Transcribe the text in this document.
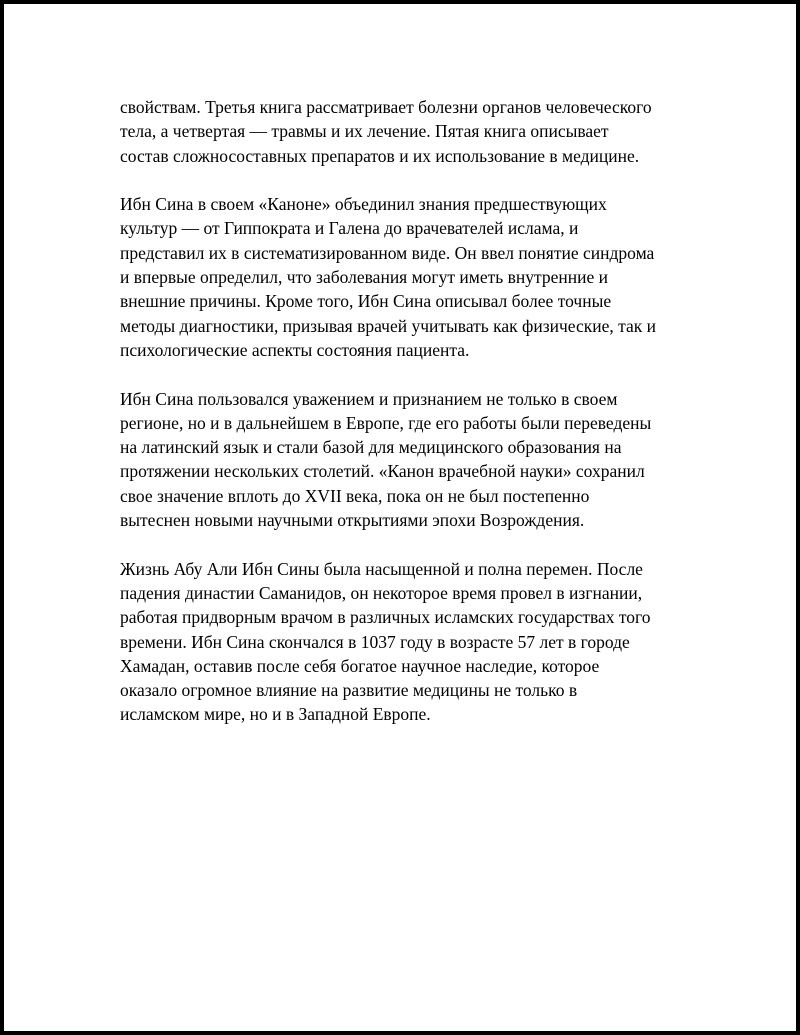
свойствам. Третья книга рассматривает болезни органов человеческого
тела, а четвертая — травмы и их лечение. Пятая книга описывает
состав сложносоставных препаратов и их использование в медицине.

Ибн Сина в своем «Каноне» объединил знания предшествующих
культур — от Гиппократа и Галена до врачевателей ислама, и
представил их в систематизированном виде. Он ввел понятие синдрома
и впервые определил, что заболевания могут иметь внутренние и
внешние причины. Кроме того, Ибн Сина описывал более точные
методы диагностики, призывая врачей учитывать как физические, так и
психологические аспекты состояния пациента.

Ибн Сина пользовался уважением и признанием не только в своем
регионе, но и в дальнейшем в Европе, где его работы были переведены
на латинский язык и стали базой для медицинского образования на
протяжении нескольких столетий. «Канон врачебной науки» сохранил
свое значение вплоть до XVII века, пока он не был постепенно
вытеснен новыми научными открытиями эпохи Возрождения.

Жизнь Абу Али Ибн Сины была насыщенной и полна перемен. После
падения династии Саманидов, он некоторое время провел в изгнании,
работая придворным врачом в различных исламских государствах того
времени. Ибн Сина скончался в 1037 году в возрасте 57 лет в городе
Хамадан, оставив после себя богатое научное наследие, которое
оказало огромное влияние на развитие медицины не только в
исламском мире, но и в Западной Европе.
